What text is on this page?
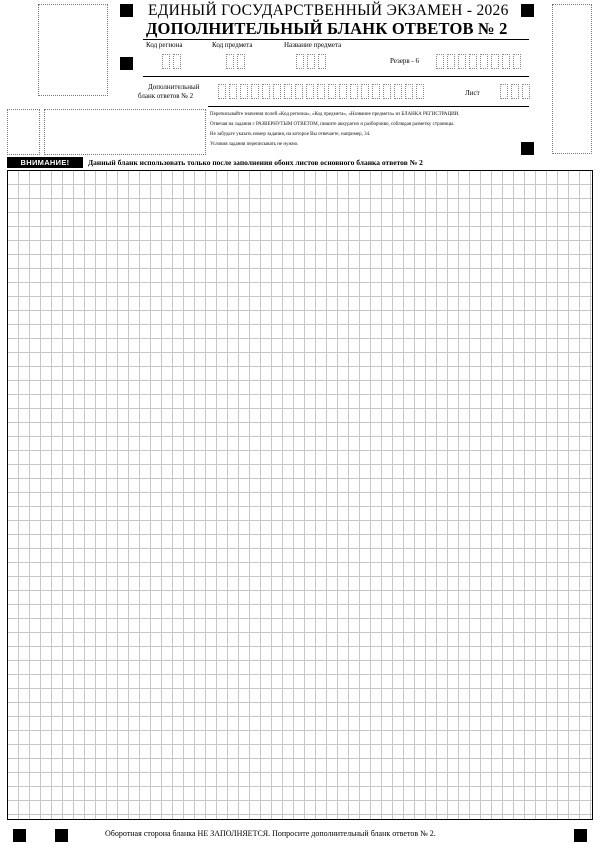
ЕДИНЫЙ ГОСУДАРСТВЕННЫЙ ЭКЗАМЕН - 2026
ДОПОЛНИТЕЛЬНЫЙ БЛАНК ОТВЕТОВ № 2
Код региона	Код предмета	Название предмета
Резерв - 6
Дополнительный
бланк ответов № 2	Лист
Переписывайте значения полей «Код региона», «Код предмета», «Название предмета» из БЛАНКА РЕГИСТРАЦИИ.
Отвечая на задания с РАЗВЕРНУТЫМ ОТВЕТОМ, пишите аккуратно и разборчиво, соблюдая разметку страницы.
Не забудьте указать номер задания, на которое Вы отвечаете, например, 34.
Условия задания переписывать не нужно.
ВНИМАНИЕ!	Данный бланк использовать только после заполнения обоих листов основного бланка ответов № 2
Оборотная сторона бланка НЕ ЗАПОЛНЯЕТСЯ. Попросите дополнительный бланк ответов № 2.
